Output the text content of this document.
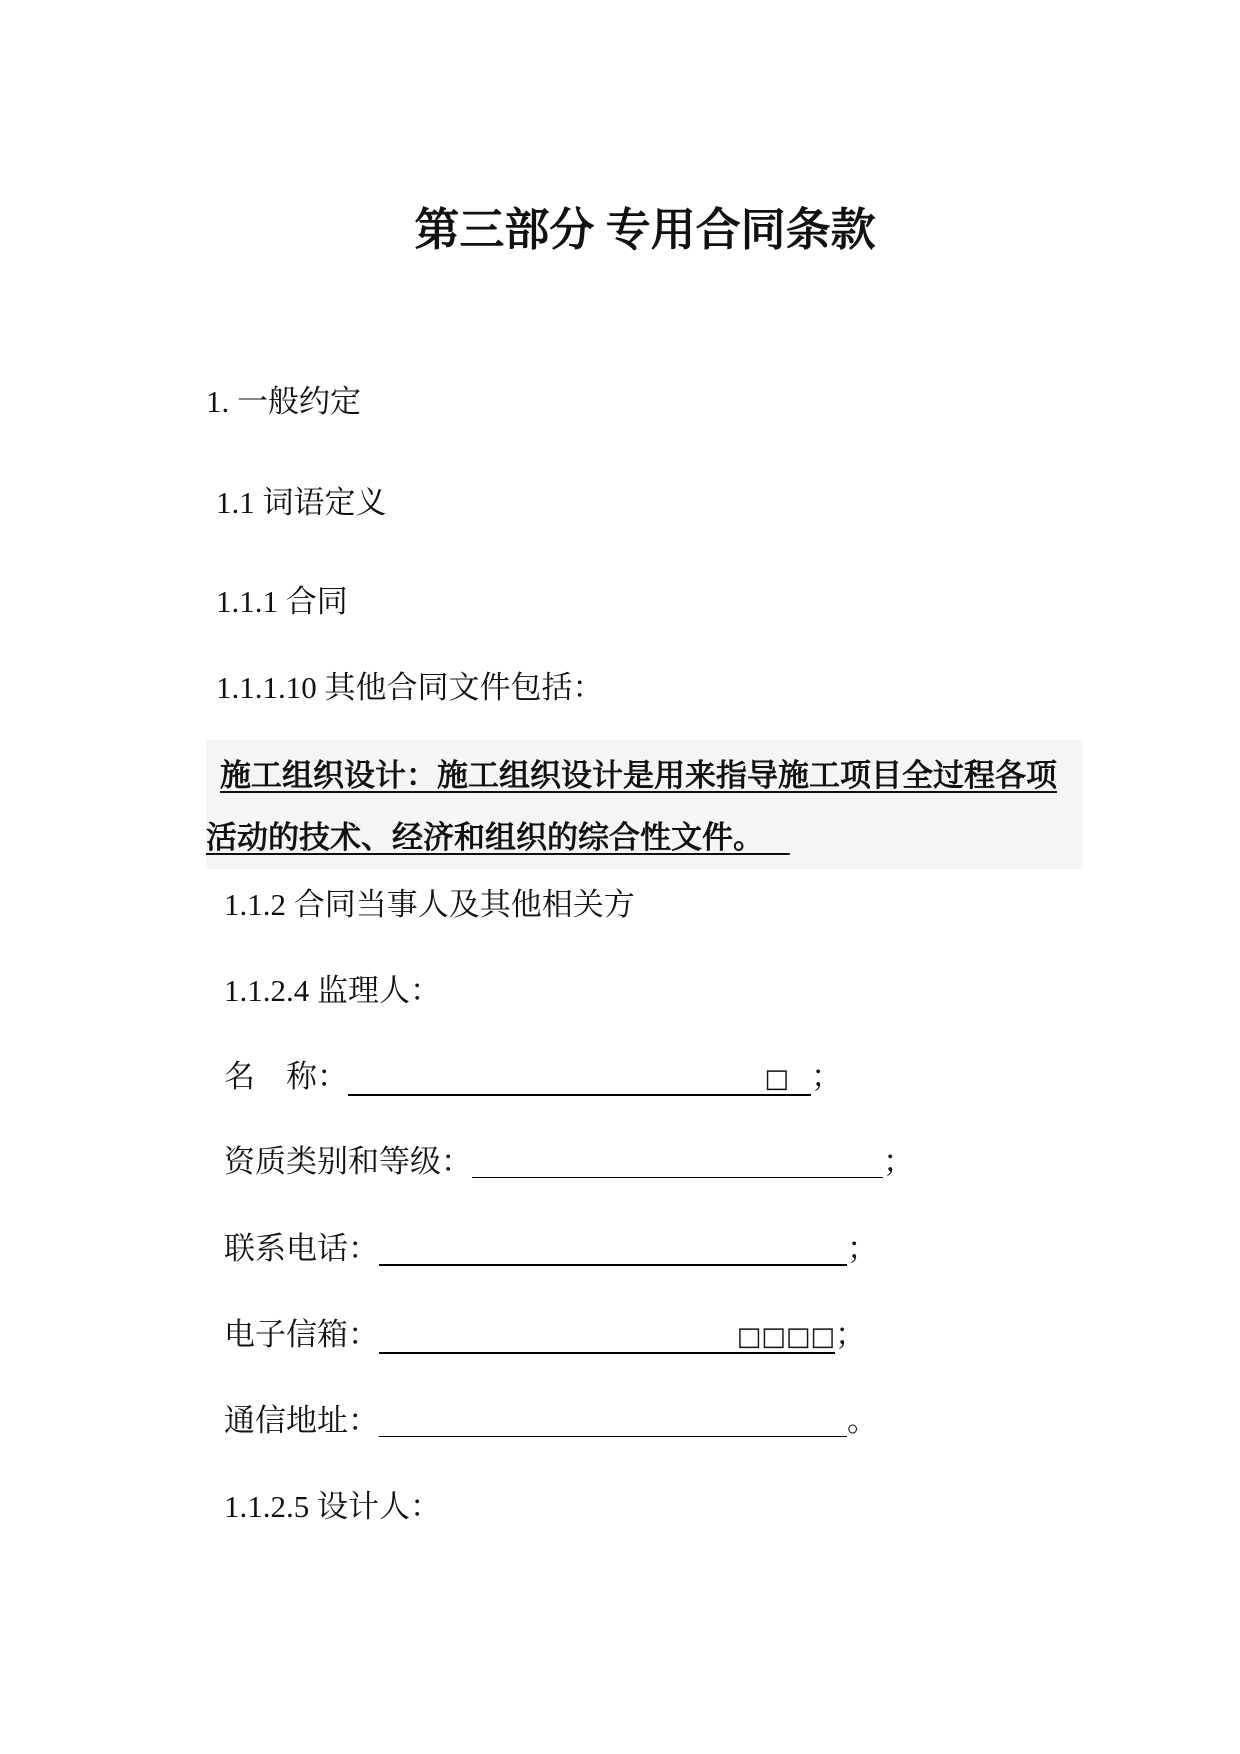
第三部分 专用合同条款
1. 一般约定
1.1 词语定义
1.1.1 合同
1.1.1.10 其他合同文件包括：
施工组织设计：施工组织设计是用来指导施工项目全过程各项
活动的技术、经济和组织的综合性文件。
1.1.2 合同当事人及其他相关方
1.1.2.4 监理人：
名　称：	​ □ ；
资质类别和等级： ​	；
联系电话： ​	；
电子信箱：	​ □□□□；
通信地址： ​	。
1.1.2.5 设计人：
